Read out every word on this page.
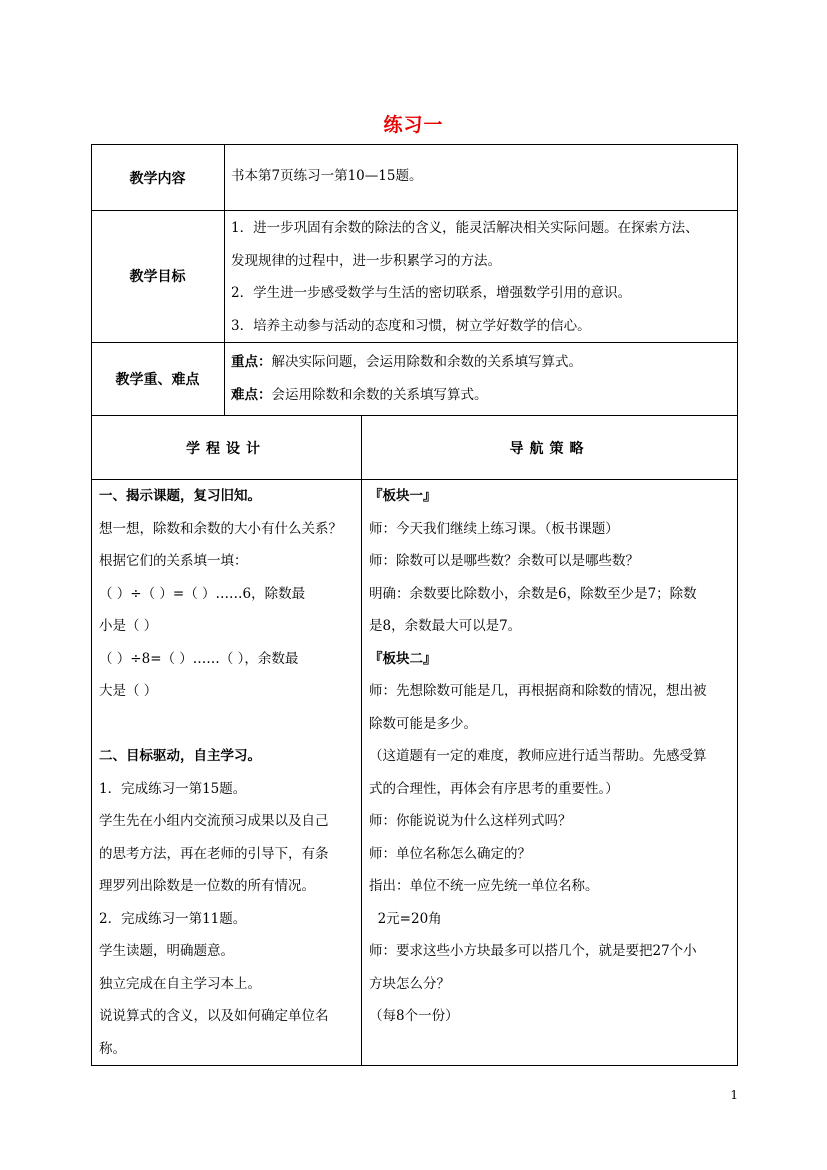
练习一
教学内容
教学目标
教学重、难点
书本第7页练习一第10—15题。
1．进一步巩固有余数的除法的含义，能灵活解决相关实际问题。在探索方法、
发现规律的过程中，进一步积累学习的方法。
2．学生进一步感受数学与生活的密切联系，增强数学引用的意识。
3．培养主动参与活动的态度和习惯，树立学好数学的信心。
重点：解决实际问题，会运用除数和余数的关系填写算式。
难点：会运用除数和余数的关系填写算式。
学程设计	导航策略
一、揭示课题，复习旧知。
想一想，除数和余数的大小有什么关系？
根据它们的关系填一填：
（ ）÷（ ）=（ ）……6，除数最
小是（ ）
（ ）÷8=（ ）……（ ），余数最
大是（ ）
二、目标驱动，自主学习。
1．完成练习一第15题。
学生先在小组内交流预习成果以及自己
的思考方法，再在老师的引导下，有条
理罗列出除数是一位数的所有情况。
2．完成练习一第11题。
学生读题，明确题意。
独立完成在自主学习本上。
说说算式的含义，以及如何确定单位名
称。
『板块一』
师：今天我们继续上练习课。（板书课题）
师：除数可以是哪些数？余数可以是哪些数？
明确：余数要比除数小，余数是6，除数至少是7；除数
是8，余数最大可以是7。
『板块二』
师：先想除数可能是几，再根据商和除数的情况，想出被
除数可能是多少。
（这道题有一定的难度，教师应进行适当帮助。先感受算
式的合理性，再体会有序思考的重要性。）
师：你能说说为什么这样列式吗？
师：单位名称怎么确定的？
指出：单位不统一应先统一单位名称。
2元=20角
师：要求这些小方块最多可以搭几个，就是要把27个小
方块怎么分？
（每8个一份）
1
